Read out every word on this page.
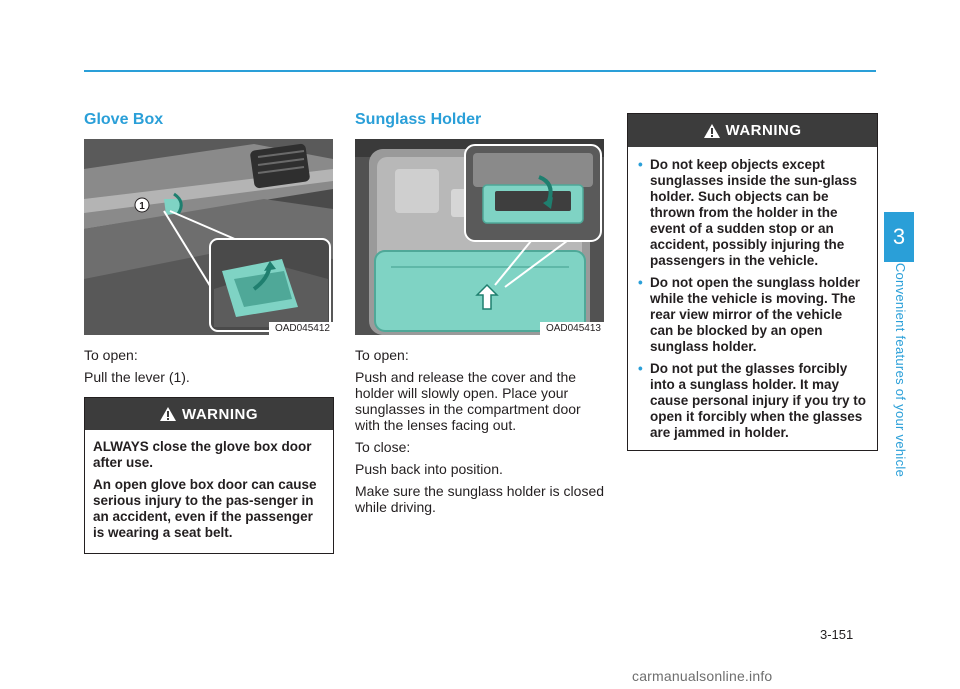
3
Convenient features of your vehicle
Glove Box
1
OAD045412

To open:

Pull the lever (1).

WARNING

ALWAYS close the glove box door after use.

An open glove box door can cause serious injury to the pas-senger in an accident, even if the passenger is wearing a seat belt.

Sunglass Holder
OAD045413

To open:

Push and release the cover and the holder will slowly open. Place your sunglasses in the compartment door with the lenses facing out.

To close:

Push back into position.

Make sure the sunglass holder is closed while driving.

WARNING
• Do not keep objects except sunglasses inside the sun-glass holder. Such objects can be thrown from the holder in the event of a sudden stop or an accident, possibly injuring the passengers in the vehicle.
• Do not open the sunglass holder while the vehicle is moving. The rear view mirror of the vehicle can be blocked by an open sunglass holder.
• Do not put the glasses forcibly into a sunglass holder. It may cause personal injury if you try to open it forcibly when the glasses are jammed in holder.
3-151
carmanualsonline.info
